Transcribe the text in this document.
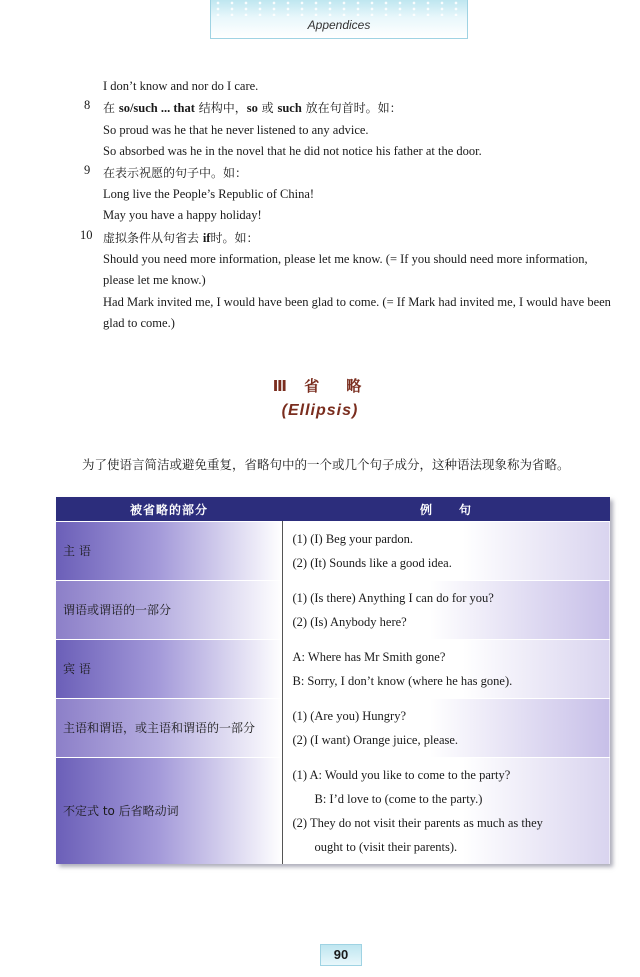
Appendices
I don’t know and nor do I care.
8 在 so/such ... that 结构中，so 或 such 放在句首时。如：
So proud was he that he never listened to any advice.
So absorbed was he in the novel that he did not notice his father at the door.
9 在表示祝愿的句子中。如：
Long live the People’s Republic of China!
May you have a happy holiday!
10 虚拟条件从句省去 if时。如：
Should you need more information, please let me know. (= If you should need more information, please let me know.)
Had Mark invited me, I would have been glad to come. (= If Mark had invited me, I would have been glad to come.)
Ⅲ 省　略
(Ellipsis)
为了使语言简洁或避免重复，省略句中的一个或几个句子成分，这种语法现象称为省略。
被省略的部分	例　　句
主 语	(1) (I) Beg your pardon.
(2) (It) Sounds like a good idea.

谓语或谓语的一部分	(1) (Is there) Anything I can do for you?
(2) (Is) Anybody here?

宾 语	A: Where has Mr Smith gone?
B: Sorry, I don’t know (where he has gone).

主语和谓语，或主语和谓语的一部分	(1) (Are you) Hungry?
(2) (I want) Orange juice, please.

不定式 to 后省略动词	(1) A: Would you like to come to the party?
B: I’d love to (come to the party.)
(2) They do not visit their parents as much as they
ought to (visit their parents).
90
